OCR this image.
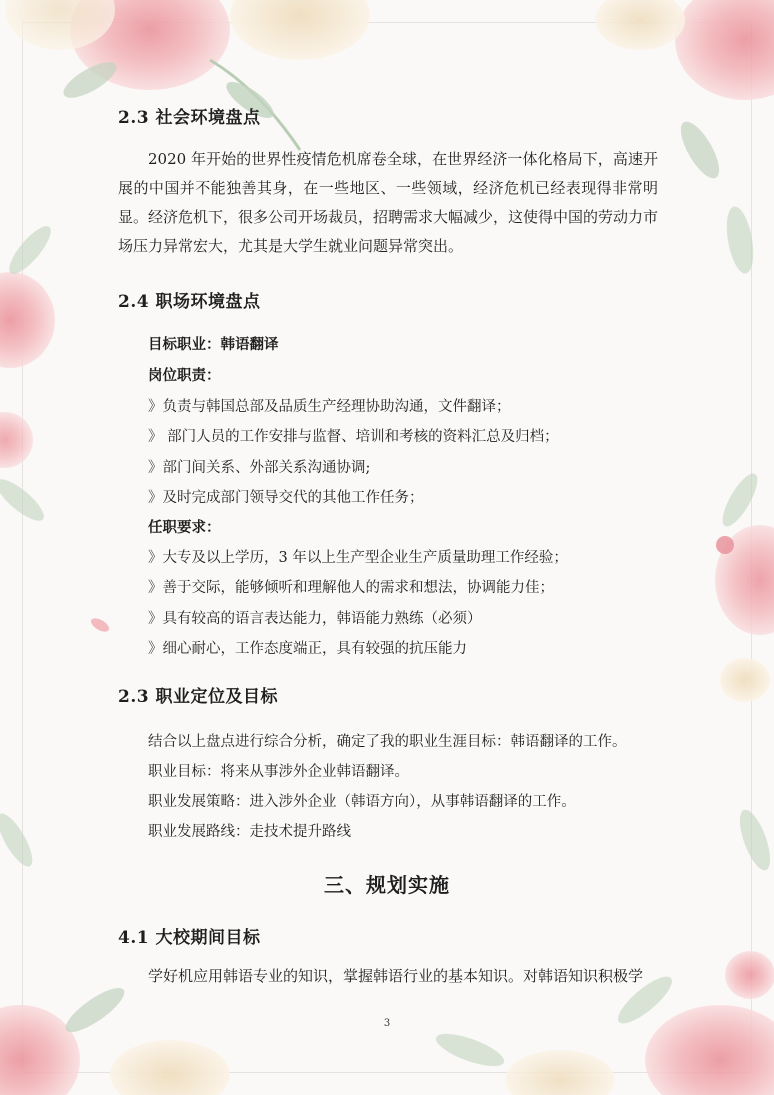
2.3 社会环境盘点

2020 年开始的世界性疫情危机席卷全球，在世界经济一体化格局下，高速开展的中国并不能独善其身，在一些地区、一些领域，经济危机已经表现得非常明显。经济危机下，很多公司开场裁员，招聘需求大幅减少，这使得中国的劳动力市场压力异常宏大，尤其是大学生就业问题异常突出。

2.4 职场环境盘点
目标职业：韩语翻译
岗位职责：
》负责与韩国总部及品质生产经理协助沟通，文件翻译；
》 部门人员的工作安排与监督、培训和考核的资料汇总及归档；
》部门间关系、外部关系沟通协调;
》及时完成部门领导交代的其他工作任务；
任职要求：
》大专及以上学历，3 年以上生产型企业生产质量助理工作经验；
》善于交际，能够倾听和理解他人的需求和想法，协调能力佳；
》具有较高的语言表达能力，韩语能力熟练（必须）
》细心耐心，工作态度端正，具有较强的抗压能力
2.3 职业定位及目标
结合以上盘点进行综合分析，确定了我的职业生涯目标：韩语翻译的工作。
职业目标：将来从事涉外企业韩语翻译。
职业发展策略：进入涉外企业（韩语方向），从事韩语翻译的工作。
职业发展路线：走技术提升路线
三、规划实施
4.1 大校期间目标

学好机应用韩语专业的知识，掌握韩语行业的基本知识。对韩语知识积极学

3
